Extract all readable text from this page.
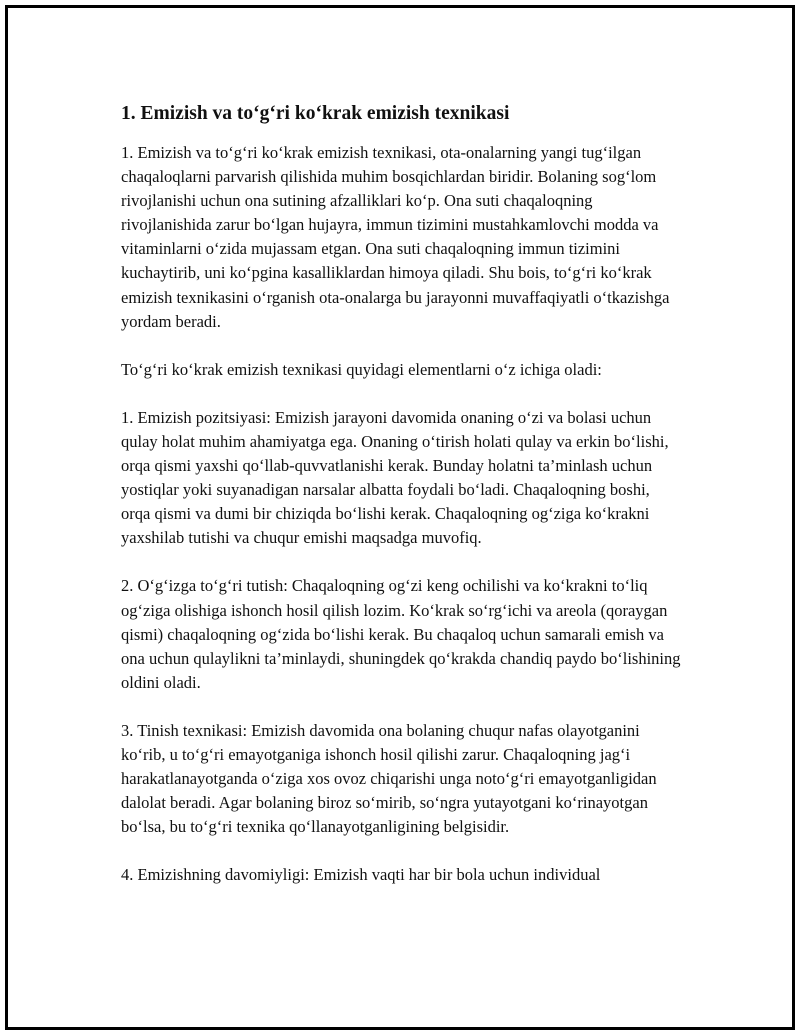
1. Emizish va to‘g‘ri ko‘krak emizish texnikasi

1. Emizish va to‘g‘ri ko‘krak emizish texnikasi, ota-onalarning yangi tug‘ilgan chaqaloqlarni parvarish qilishida muhim bosqichlardan biridir. Bolaning sog‘lom rivojlanishi uchun ona sutining afzalliklari ko‘p. Ona suti chaqaloqning rivojlanishida zarur bo‘lgan hujayra, immun tizimini mustahkamlovchi modda va vitaminlarni o‘zida mujassam etgan. Ona suti chaqaloqning immun tizimini kuchaytirib, uni ko‘pgina kasalliklardan himoya qiladi. Shu bois, to‘g‘ri ko‘krak emizish texnikasini o‘rganish ota-onalarga bu jarayonni muvaffaqiyatli o‘tkazishga yordam beradi.

To‘g‘ri ko‘krak emizish texnikasi quyidagi elementlarni o‘z ichiga oladi:

1. Emizish pozitsiyasi: Emizish jarayoni davomida onaning o‘zi va bolasi uchun qulay holat muhim ahamiyatga ega. Onaning o‘tirish holati qulay va erkin bo‘lishi, orqa qismi yaxshi qo‘llab-quvvatlanishi kerak. Bunday holatni ta’minlash uchun yostiqlar yoki suyanadigan narsalar albatta foydali bo‘ladi. Chaqaloqning boshi, orqa qismi va dumi bir chiziqda bo‘lishi kerak. Chaqaloqning og‘ziga ko‘krakni yaxshilab tutishi va chuqur emishi maqsadga muvofiq.

2. O‘g‘izga to‘g‘ri tutish: Chaqaloqning og‘zi keng ochilishi va ko‘krakni to‘liq og‘ziga olishiga ishonch hosil qilish lozim. Ko‘krak so‘rg‘ichi va areola (qoraygan qismi) chaqaloqning og‘zida bo‘lishi kerak. Bu chaqaloq uchun samarali emish va ona uchun qulaylikni ta’minlaydi, shuningdek qo‘krakda chandiq paydo bo‘lishining oldini oladi.

3. Tinish texnikasi: Emizish davomida ona bolaning chuqur nafas olayotganini ko‘rib, u to‘g‘ri emayotganiga ishonch hosil qilishi zarur. Chaqaloqning jag‘i harakatlanayotganda o‘ziga xos ovoz chiqarishi unga noto‘g‘ri emayotganligidan dalolat beradi. Agar bolaning biroz so‘mirib, so‘ngra yutayotgani ko‘rinayotgan bo‘lsa, bu to‘g‘ri texnika qo‘llanayotganligining belgisidir.

4. Emizishning davomiyligi: Emizish vaqti har bir bola uchun individual
